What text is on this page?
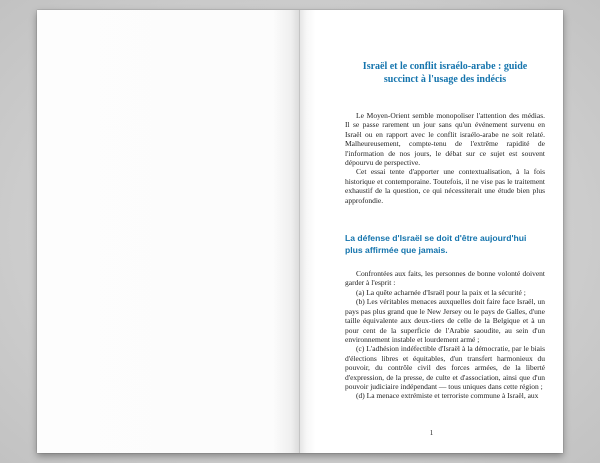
Israël et le conflit israélo-arabe : guide succinct à l'usage des indécis

Le Moyen-Orient semble monopoliser l'attention des médias. Il se passe rarement un jour sans qu'un événement survenu en Israël ou en rapport avec le conflit israélo-arabe ne soit relaté. Malheureusement, compte-tenu de l'extrême rapidité de l'information de nos jours, le débat sur ce sujet est souvent dépourvu de perspective.

Cet essai tente d'apporter une contextualisation, à la fois historique et contemporaine. Toutefois, il ne vise pas le traitement exhaustif de la question, ce qui nécessiterait une étude bien plus approfondie.

La défense d'Israël se doit d'être aujourd'hui plus affirmée que jamais.

Confrontées aux faits, les personnes de bonne volonté doivent garder à l'esprit :

(a) La quête acharnée d'Israël pour la paix et la sécurité ;

(b) Les véritables menaces auxquelles doit faire face Israël, un pays pas plus grand que le New Jersey ou le pays de Galles, d'une taille équivalente aux deux-tiers de celle de la Belgique et à un pour cent de la superficie de l'Arabie saoudite, au sein d'un environnement instable et lourdement armé ;

(c) L'adhésion indéfectible d'Israël à la démocratie, par le biais d'élections libres et équitables, d'un transfert harmonieux du pouvoir, du contrôle civil des forces armées, de la liberté d'expression, de la presse, de culte et d'association, ainsi que d'un pouvoir judiciaire indépendant — tous uniques dans cette région ;

(d) La menace extrémiste et terroriste commune à Israël, aux

1
